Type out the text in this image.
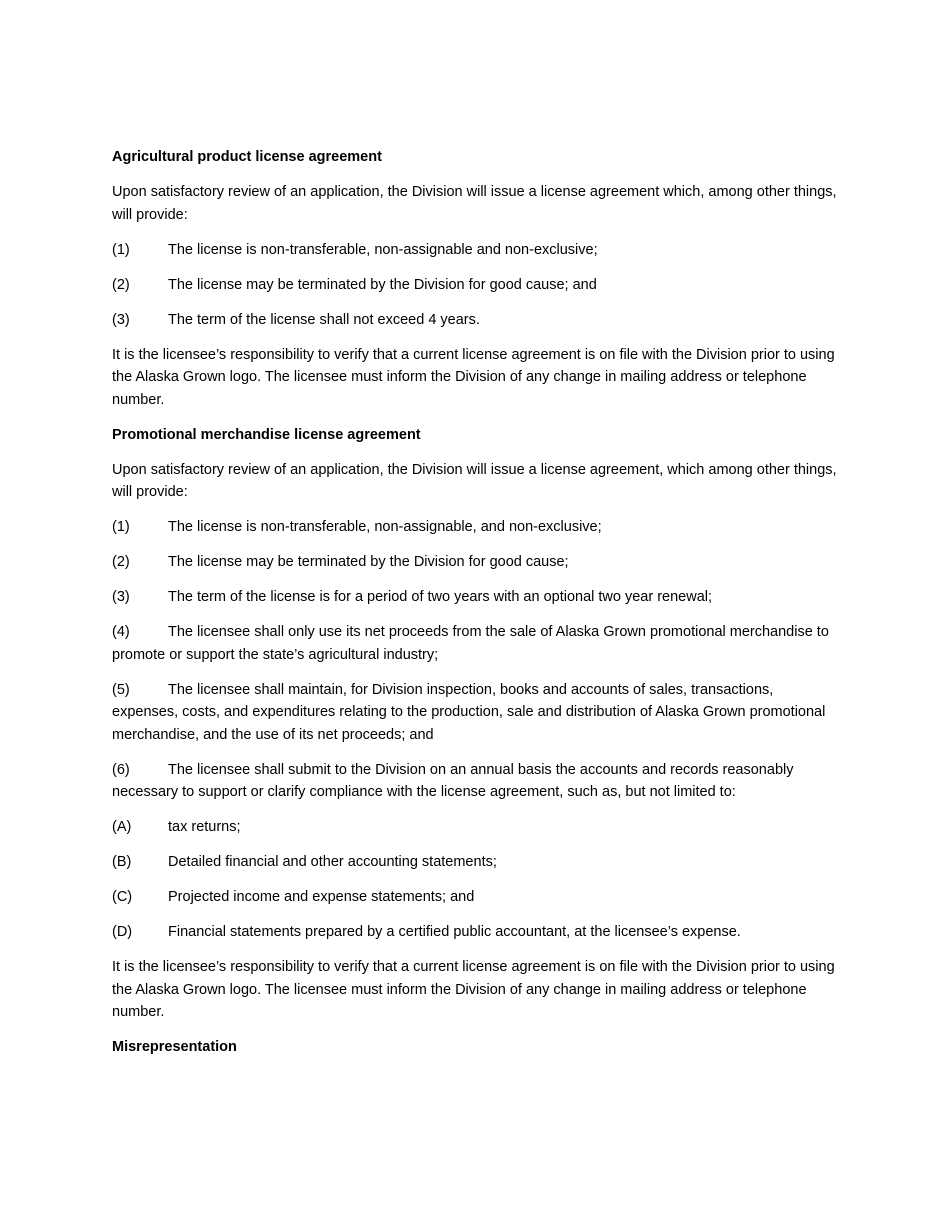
Agricultural product license agreement

Upon satisfactory review of an application, the Division will issue a license agreement which, among other things, will provide:

(1)	The license is non-transferable, non-assignable and non-exclusive;
(2)	The license may be terminated by the Division for good cause; and
(3)	The term of the license shall not exceed 4 years.

It is the licensee’s responsibility to verify that a current license agreement is on file with the Division prior to using the Alaska Grown logo. The licensee must inform the Division of any change in mailing address or telephone number.

Promotional merchandise license agreement

Upon satisfactory review of an application, the Division will issue a license agreement, which among other things, will provide:

(1)	The license is non-transferable, non-assignable, and non-exclusive;
(2)	The license may be terminated by the Division for good cause;
(3)	The term of the license is for a period of two years with an optional two year renewal;
(4)	The licensee shall only use its net proceeds from the sale of Alaska Grown promotional merchandise to promote or support the state’s agricultural industry;
(5)	The licensee shall maintain, for Division inspection, books and accounts of sales, transactions, expenses, costs, and expenditures relating to the production, sale and distribution of Alaska Grown promotional merchandise, and the use of its net proceeds; and
(6)	The licensee shall submit to the Division on an annual basis the accounts and records reasonably necessary to support or clarify compliance with the license agreement, such as, but not limited to:
(A)	tax returns;
(B)	Detailed financial and other accounting statements;
(C) Projected income and expense statements; and
(D) Financial statements prepared by a certified public accountant, at the licensee’s expense.

It is the licensee’s responsibility to verify that a current license agreement is on file with the Division prior to using the Alaska Grown logo. The licensee must inform the Division of any change in mailing address or telephone number.

Misrepresentation
